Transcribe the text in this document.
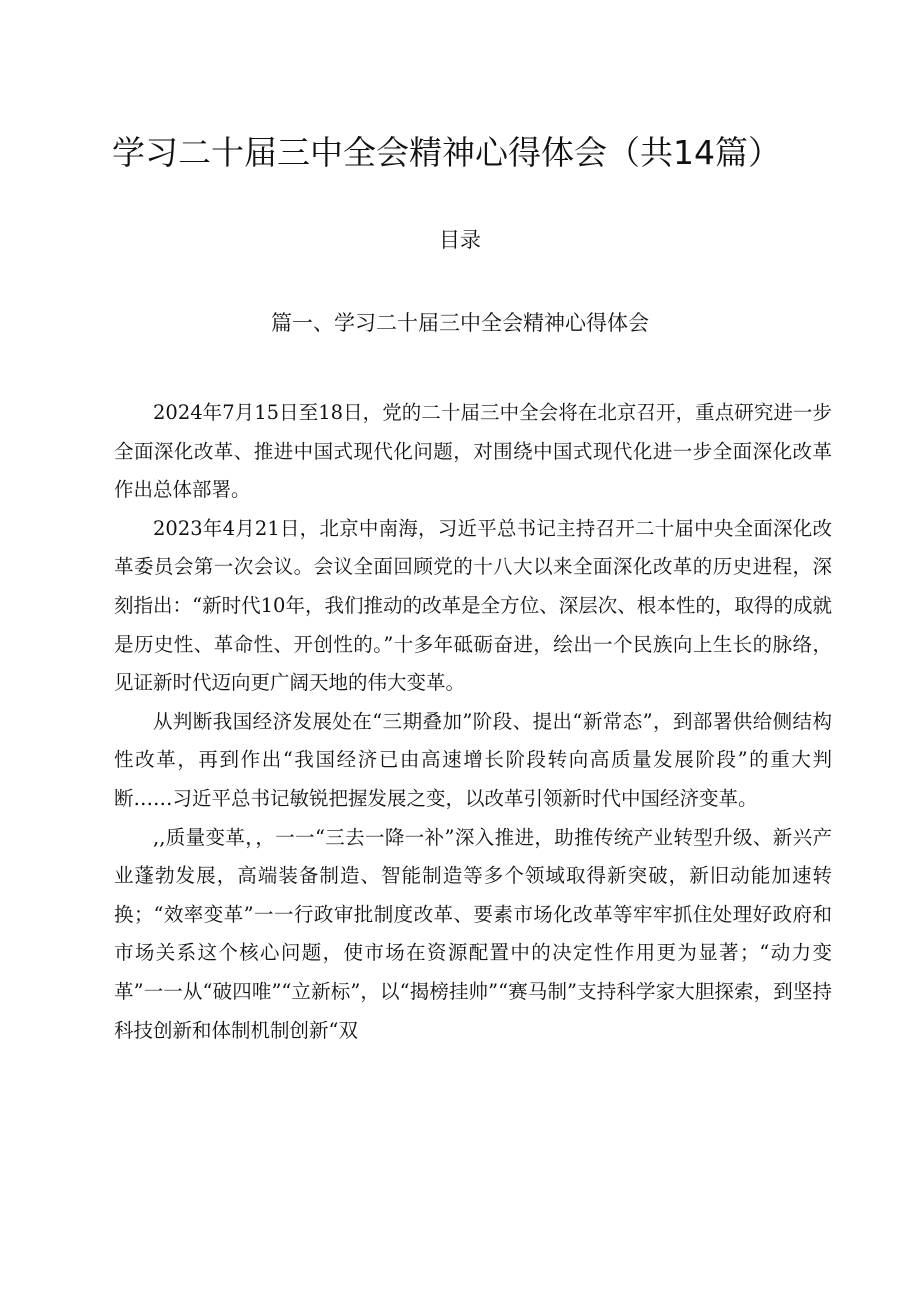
学习二十届三中全会精神心得体会（共14篇）
目录
篇一、学习二十届三中全会精神心得体会

2024年7月15日至18日，党的二十届三中全会将在北京召开，重点研究进一步全面深化改革、推进中国式现代化问题，对围绕中国式现代化进一步全面深化改革作出总体部署。

2023年4月21日，北京中南海，习近平总书记主持召开二十届中央全面深化改革委员会第一次会议。会议全面回顾党的十八大以来全面深化改革的历史进程，深刻指出：“新时代10年，我们推动的改革是全方位、深层次、根本性的，取得的成就是历史性、革命性、开创性的。”十多年砥砺奋进，绘出一个民族向上生长的脉络，见证新时代迈向更广阔天地的伟大变革。

从判断我国经济发展处在“三期叠加”阶段、提出“新常态”，到部署供给侧结构性改革，再到作出“我国经济已由高速增长阶段转向高质量发展阶段”的重大判断……习近平总书记敏锐把握发展之变，以改革引领新时代中国经济变革。

,,质量变革，，一一“三去一降一补”深入推进，助推传统产业转型升级、新兴产业蓬勃发展，高端装备制造、智能制造等多个领域取得新突破，新旧动能加速转换；“效率变革”一一行政审批制度改革、要素市场化改革等牢牢抓住处理好政府和市场关系这个核心问题，使市场在资源配置中的决定性作用更为显著；“动力变革”一一从“破四唯”“立新标”，以“揭榜挂帅”“赛马制”支持科学家大胆探索，到坚持科技创新和体制机制创新“双
